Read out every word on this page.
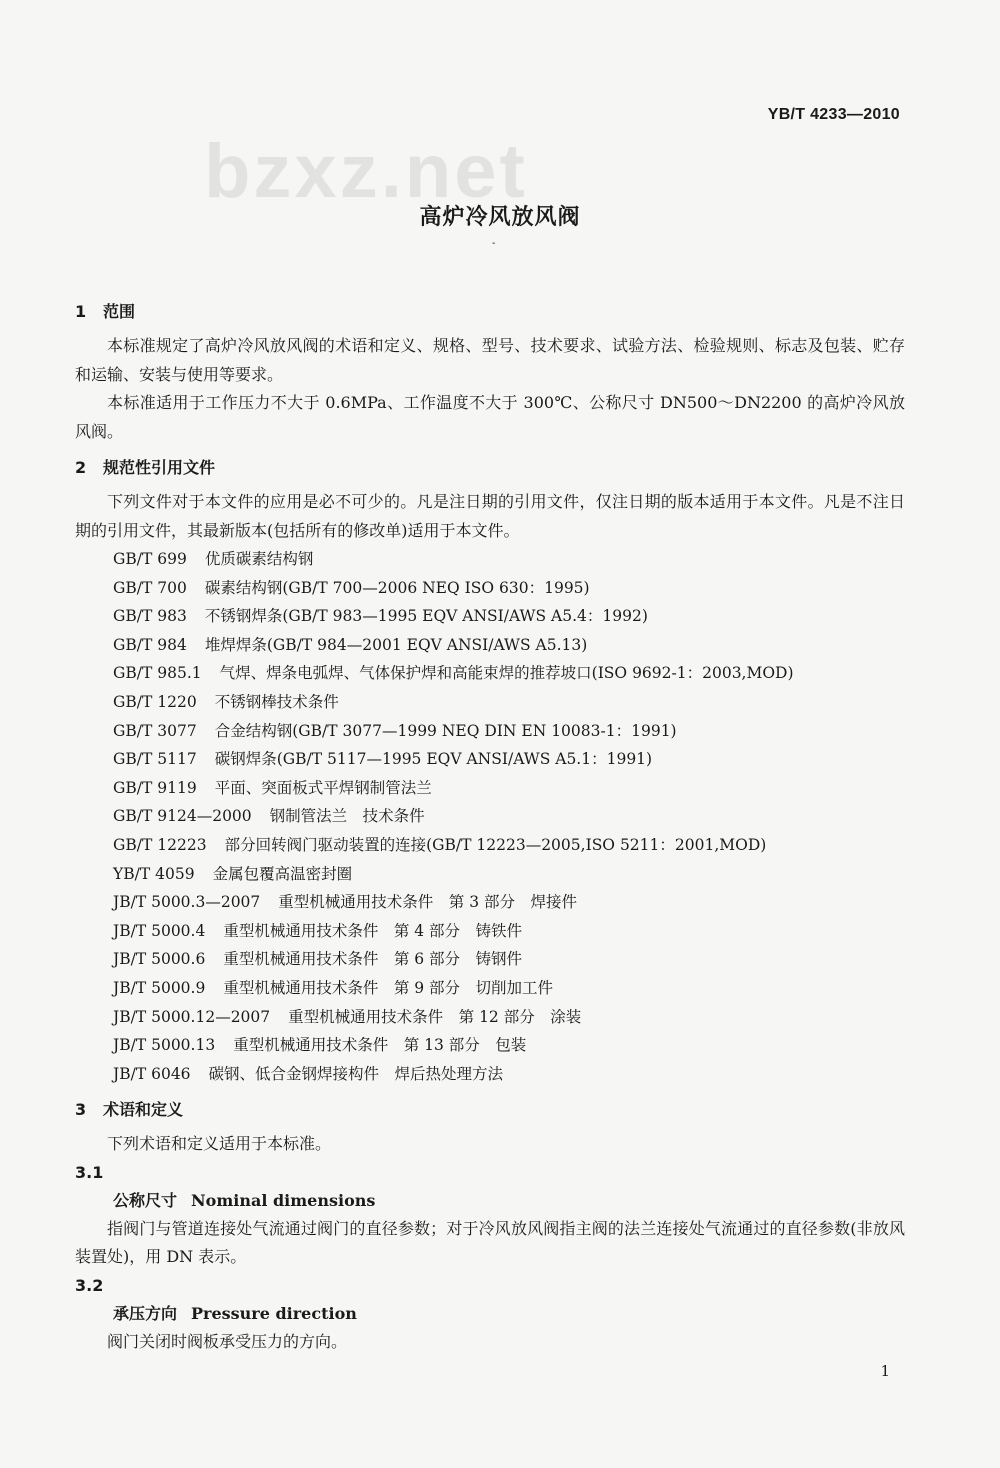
YB/T 4233—2010
bzxz.net
高炉冷风放风阀
-
1 范围

本标准规定了高炉冷风放风阀的术语和定义、规格、型号、技术要求、试验方法、检验规则、标志及包装、贮存和运输、安装与使用等要求。

本标准适用于工作压力不大于 0.6MPa、工作温度不大于 300℃、公称尺寸 DN500～DN2200 的高炉冷风放风阀。

2 规范性引用文件

下列文件对于本文件的应用是必不可少的。凡是注日期的引用文件，仅注日期的版本适用于本文件。凡是不注日期的引用文件，其最新版本(包括所有的修改单)适用于本文件。

GB/T 699 优质碳素结构钢
GB/T 700 碳素结构钢(GB/T 700—2006 NEQ ISO 630：1995)
GB/T 983 不锈钢焊条(GB/T 983—1995 EQV ANSI/AWS A5.4：1992)
GB/T 984 堆焊焊条(GB/T 984—2001 EQV ANSI/AWS A5.13)
GB/T 985.1 气焊、焊条电弧焊、气体保护焊和高能束焊的推荐坡口(ISO 9692-1：2003,MOD)
GB/T 1220 不锈钢棒技术条件
GB/T 3077 合金结构钢(GB/T 3077—1999 NEQ DIN EN 10083-1：1991)
GB/T 5117 碳钢焊条(GB/T 5117—1995 EQV ANSI/AWS A5.1：1991)
GB/T 9119 平面、突面板式平焊钢制管法兰
GB/T 9124—2000 钢制管法兰　技术条件
GB/T 12223 部分回转阀门驱动装置的连接(GB/T 12223—2005,ISO 5211：2001,MOD)
YB/T 4059 金属包覆高温密封圈
JB/T 5000.3—2007 重型机械通用技术条件　第 3 部分　焊接件
JB/T 5000.4 重型机械通用技术条件　第 4 部分　铸铁件
JB/T 5000.6 重型机械通用技术条件　第 6 部分　铸钢件
JB/T 5000.9 重型机械通用技术条件　第 9 部分　切削加工件
JB/T 5000.12—2007 重型机械通用技术条件　第 12 部分　涂装
JB/T 5000.13 重型机械通用技术条件　第 13 部分　包装
JB/T 6046 碳钢、低合金钢焊接构件　焊后热处理方法
3 术语和定义

下列术语和定义适用于本标准。

3.1
公称尺寸 Nominal dimensions

指阀门与管道连接处气流通过阀门的直径参数；对于冷风放风阀指主阀的法兰连接处气流通过的直径参数(非放风装置处)，用 DN 表示。

3.2
承压方向 Pressure direction

阀门关闭时阀板承受压力的方向。

1
